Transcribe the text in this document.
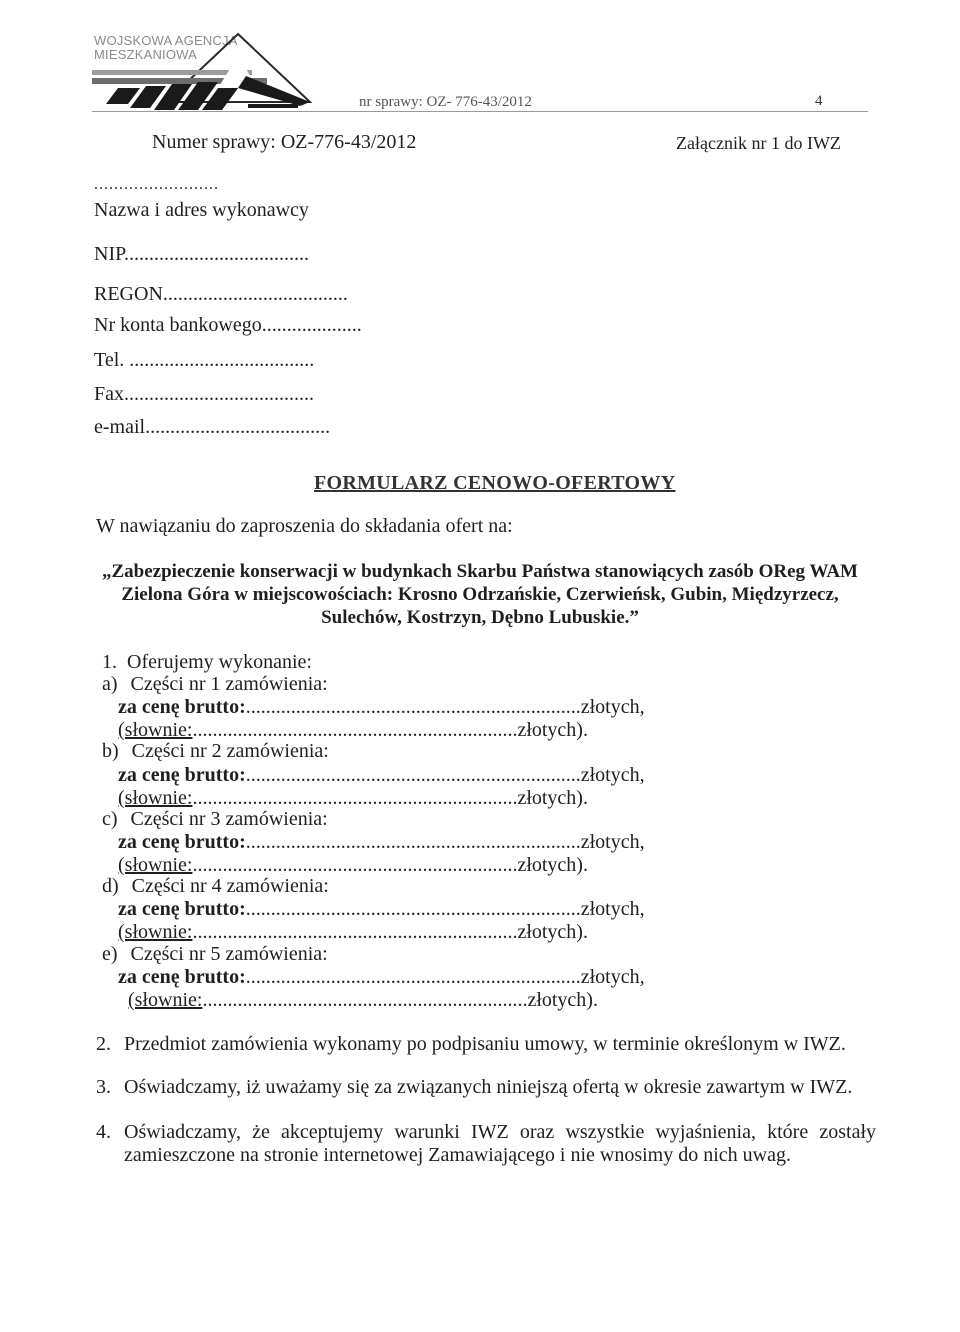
WOJSKOWA AGENCJA
MIESZKANIOWA
nr sprawy: OZ- 776-43/2012	4
Numer sprawy: OZ-776-43/2012	Załącznik nr 1 do IWZ
.........................
Nazwa i adres wykonawcy
NIP.....................................
REGON.....................................
Nr konta bankowego....................
Tel. .....................................
Fax......................................
e-mail.....................................
FORMULARZ CENOWO-OFERTOWY
W nawiązaniu do zaproszenia do składania ofert na:
„Zabezpieczenie konserwacji w budynkach Skarbu Państwa stanowiących zasób OReg WAM Zielona Góra w miejscowościach: Krosno Odrzańskie, Czerwieńsk, Gubin, Międzyrzecz, Sulechów, Kostrzyn, Dębno Lubuskie.”
1.  Oferujemy wykonanie:
a) Części nr 1 zamówienia:
za cenę brutto:...................................................................złotych,
(słownie:.................................................................złotych).
b) Części nr 2 zamówienia:
za cenę brutto:...................................................................złotych,
(słownie:.................................................................złotych).
c) Części nr 3 zamówienia:
za cenę brutto:...................................................................złotych,
(słownie:.................................................................złotych).
d) Części nr 4 zamówienia:
za cenę brutto:...................................................................złotych,
(słownie:.................................................................złotych).
e) Części nr 5 zamówienia:
za cenę brutto:...................................................................złotych,
(słownie:.................................................................złotych).
2. Przedmiot zamówienia wykonamy po podpisaniu umowy, w terminie określonym w IWZ.
3. Oświadczamy, iż uważamy się za związanych niniejszą ofertą w okresie zawartym w IWZ.
4. Oświadczamy, że akceptujemy warunki IWZ oraz wszystkie wyjaśnienia, które zostały zamieszczone na stronie internetowej Zamawiającego i nie wnosimy do nich uwag.
